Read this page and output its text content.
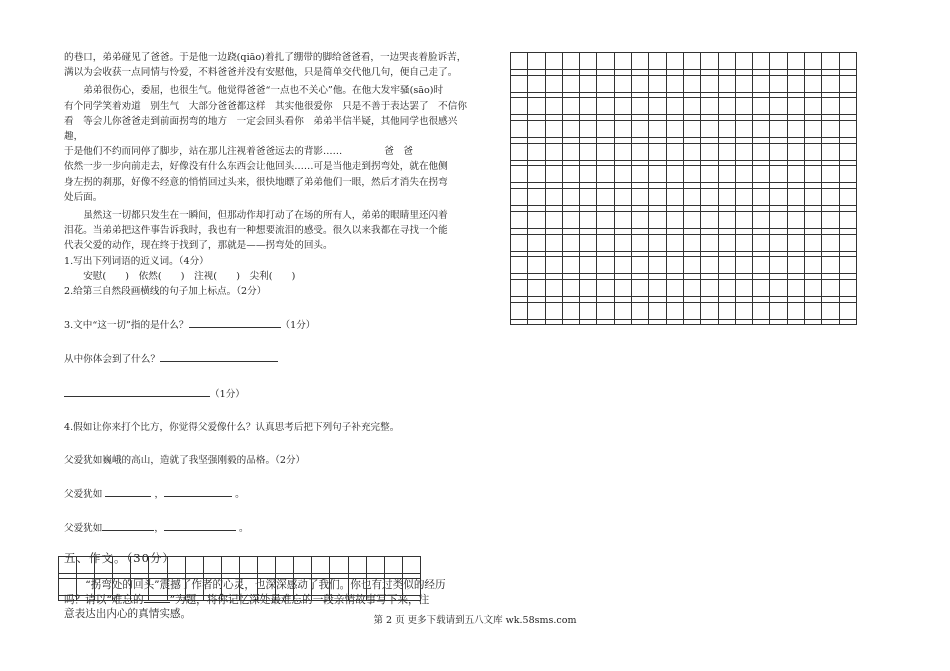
的巷口，弟弟碰见了爸爸。于是他一边跷(qiāo)着扎了绷带的脚给爸爸看，一边哭丧着脸诉苦，

满以为会收获一点同情与怜爱，不料爸爸并没有安慰他，只是简单交代他几句，便自己走了。

弟弟很伤心，委屈，也很生气。他觉得爸爸“一点也不关心”他。在他大发牢骚(sāo)时

有个同学笑着劝道　别生气　大部分爸爸都这样　其实他很爱你　只是不善于表达罢了　不信你

看　等会儿你爸爸走到前面拐弯的地方　一定会回头看你　弟弟半信半疑，其他同学也很感兴趣，

于是他们不约而同停了脚步，站在那儿注视着爸爸远去的背影……	爸　爸

依然一步一步向前走去，好像没有什么东西会让他回头……可是当他走到拐弯处，就在他侧

身左拐的刹那，好像不经意的悄悄回过头来，很快地瞟了弟弟他们一眼，然后才消失在拐弯

处后面。

虽然这一切都只发生在一瞬间，但那动作却打动了在场的所有人，弟弟的眼睛里还闪着

泪花。当弟弟把这件事告诉我时，我也有一种想要流泪的感受。很久以来我都在寻找一个能

代表父爱的动作，现在终于找到了，那就是——拐弯处的回头。

1.写出下列词语的近义词。（4分）

安慰(　　)　依然(　　)　注视(　　)　尖利(　　)

2.给第三自然段画横线的句子加上标点。（2分）

3.文中“这一切”指的是什么？	（1分）

从中你体会到了什么？

（1分）

4.假如让你来打个比方，你觉得父爱像什么？认真思考后把下列句子补充完整。

父爱犹如巍峨的高山，造就了我坚强刚毅的品格。（2分）

父爱犹如	，	。

父爱犹如	，	。

五、作文。（30分）

“拐弯处的回头”震撼了作者的心灵，也深深感动了我们。你也有过类似的经历
吗？请以“难忘的 ”为题，将你记忆深处最难忘的一段亲情故事写下来，注
意表达出内心的真情实感。

第 2 页 更多下载请到五八文库 wk.58sms.com
